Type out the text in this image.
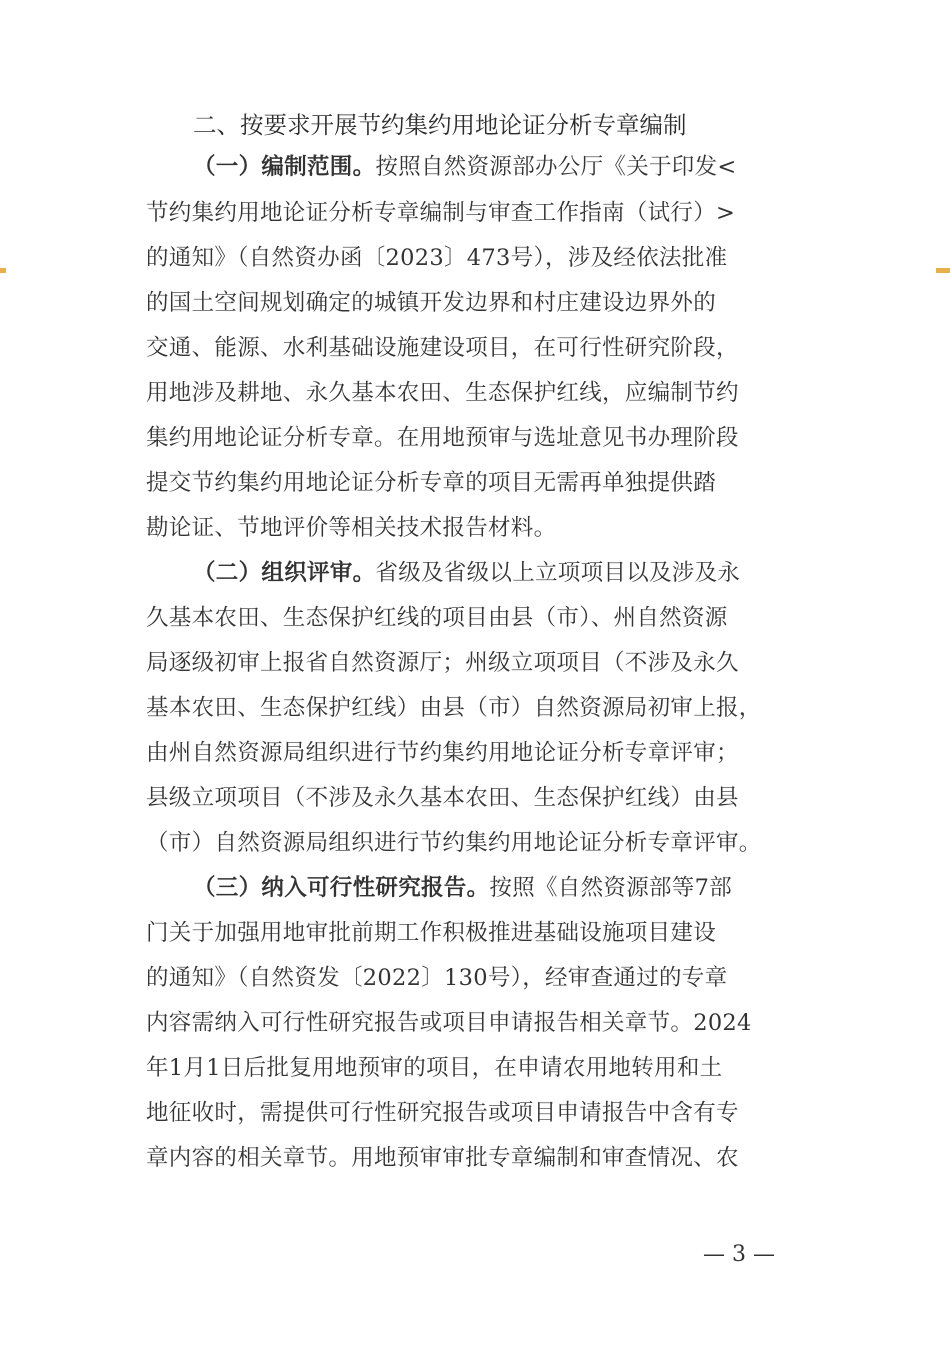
二、按要求开展节约集约用地论证分析专章编制
（一）编制范围。按照自然资源部办公厅《关于印发<
节约集约用地论证分析专章编制与审查工作指南（试行）>
的通知》（自然资办函〔2023〕473号），涉及经依法批准
的国土空间规划确定的城镇开发边界和村庄建设边界外的
交通、能源、水利基础设施建设项目，在可行性研究阶段，
用地涉及耕地、永久基本农田、生态保护红线，应编制节约
集约用地论证分析专章。在用地预审与选址意见书办理阶段
提交节约集约用地论证分析专章的项目无需再单独提供踏
勘论证、节地评价等相关技术报告材料。
（二）组织评审。省级及省级以上立项项目以及涉及永
久基本农田、生态保护红线的项目由县（市）、州自然资源
局逐级初审上报省自然资源厅；州级立项项目（不涉及永久
基本农田、生态保护红线）由县（市）自然资源局初审上报，
由州自然资源局组织进行节约集约用地论证分析专章评审；
县级立项项目（不涉及永久基本农田、生态保护红线）由县
（市）自然资源局组织进行节约集约用地论证分析专章评审。
（三）纳入可行性研究报告。按照《自然资源部等7部
门关于加强用地审批前期工作积极推进基础设施项目建设
的通知》（自然资发〔2022〕130号），经审查通过的专章
内容需纳入可行性研究报告或项目申请报告相关章节。2024
年1月1日后批复用地预审的项目，在申请农用地转用和土
地征收时，需提供可行性研究报告或项目申请报告中含有专
章内容的相关章节。用地预审审批专章编制和审查情况、农
— 3 —
